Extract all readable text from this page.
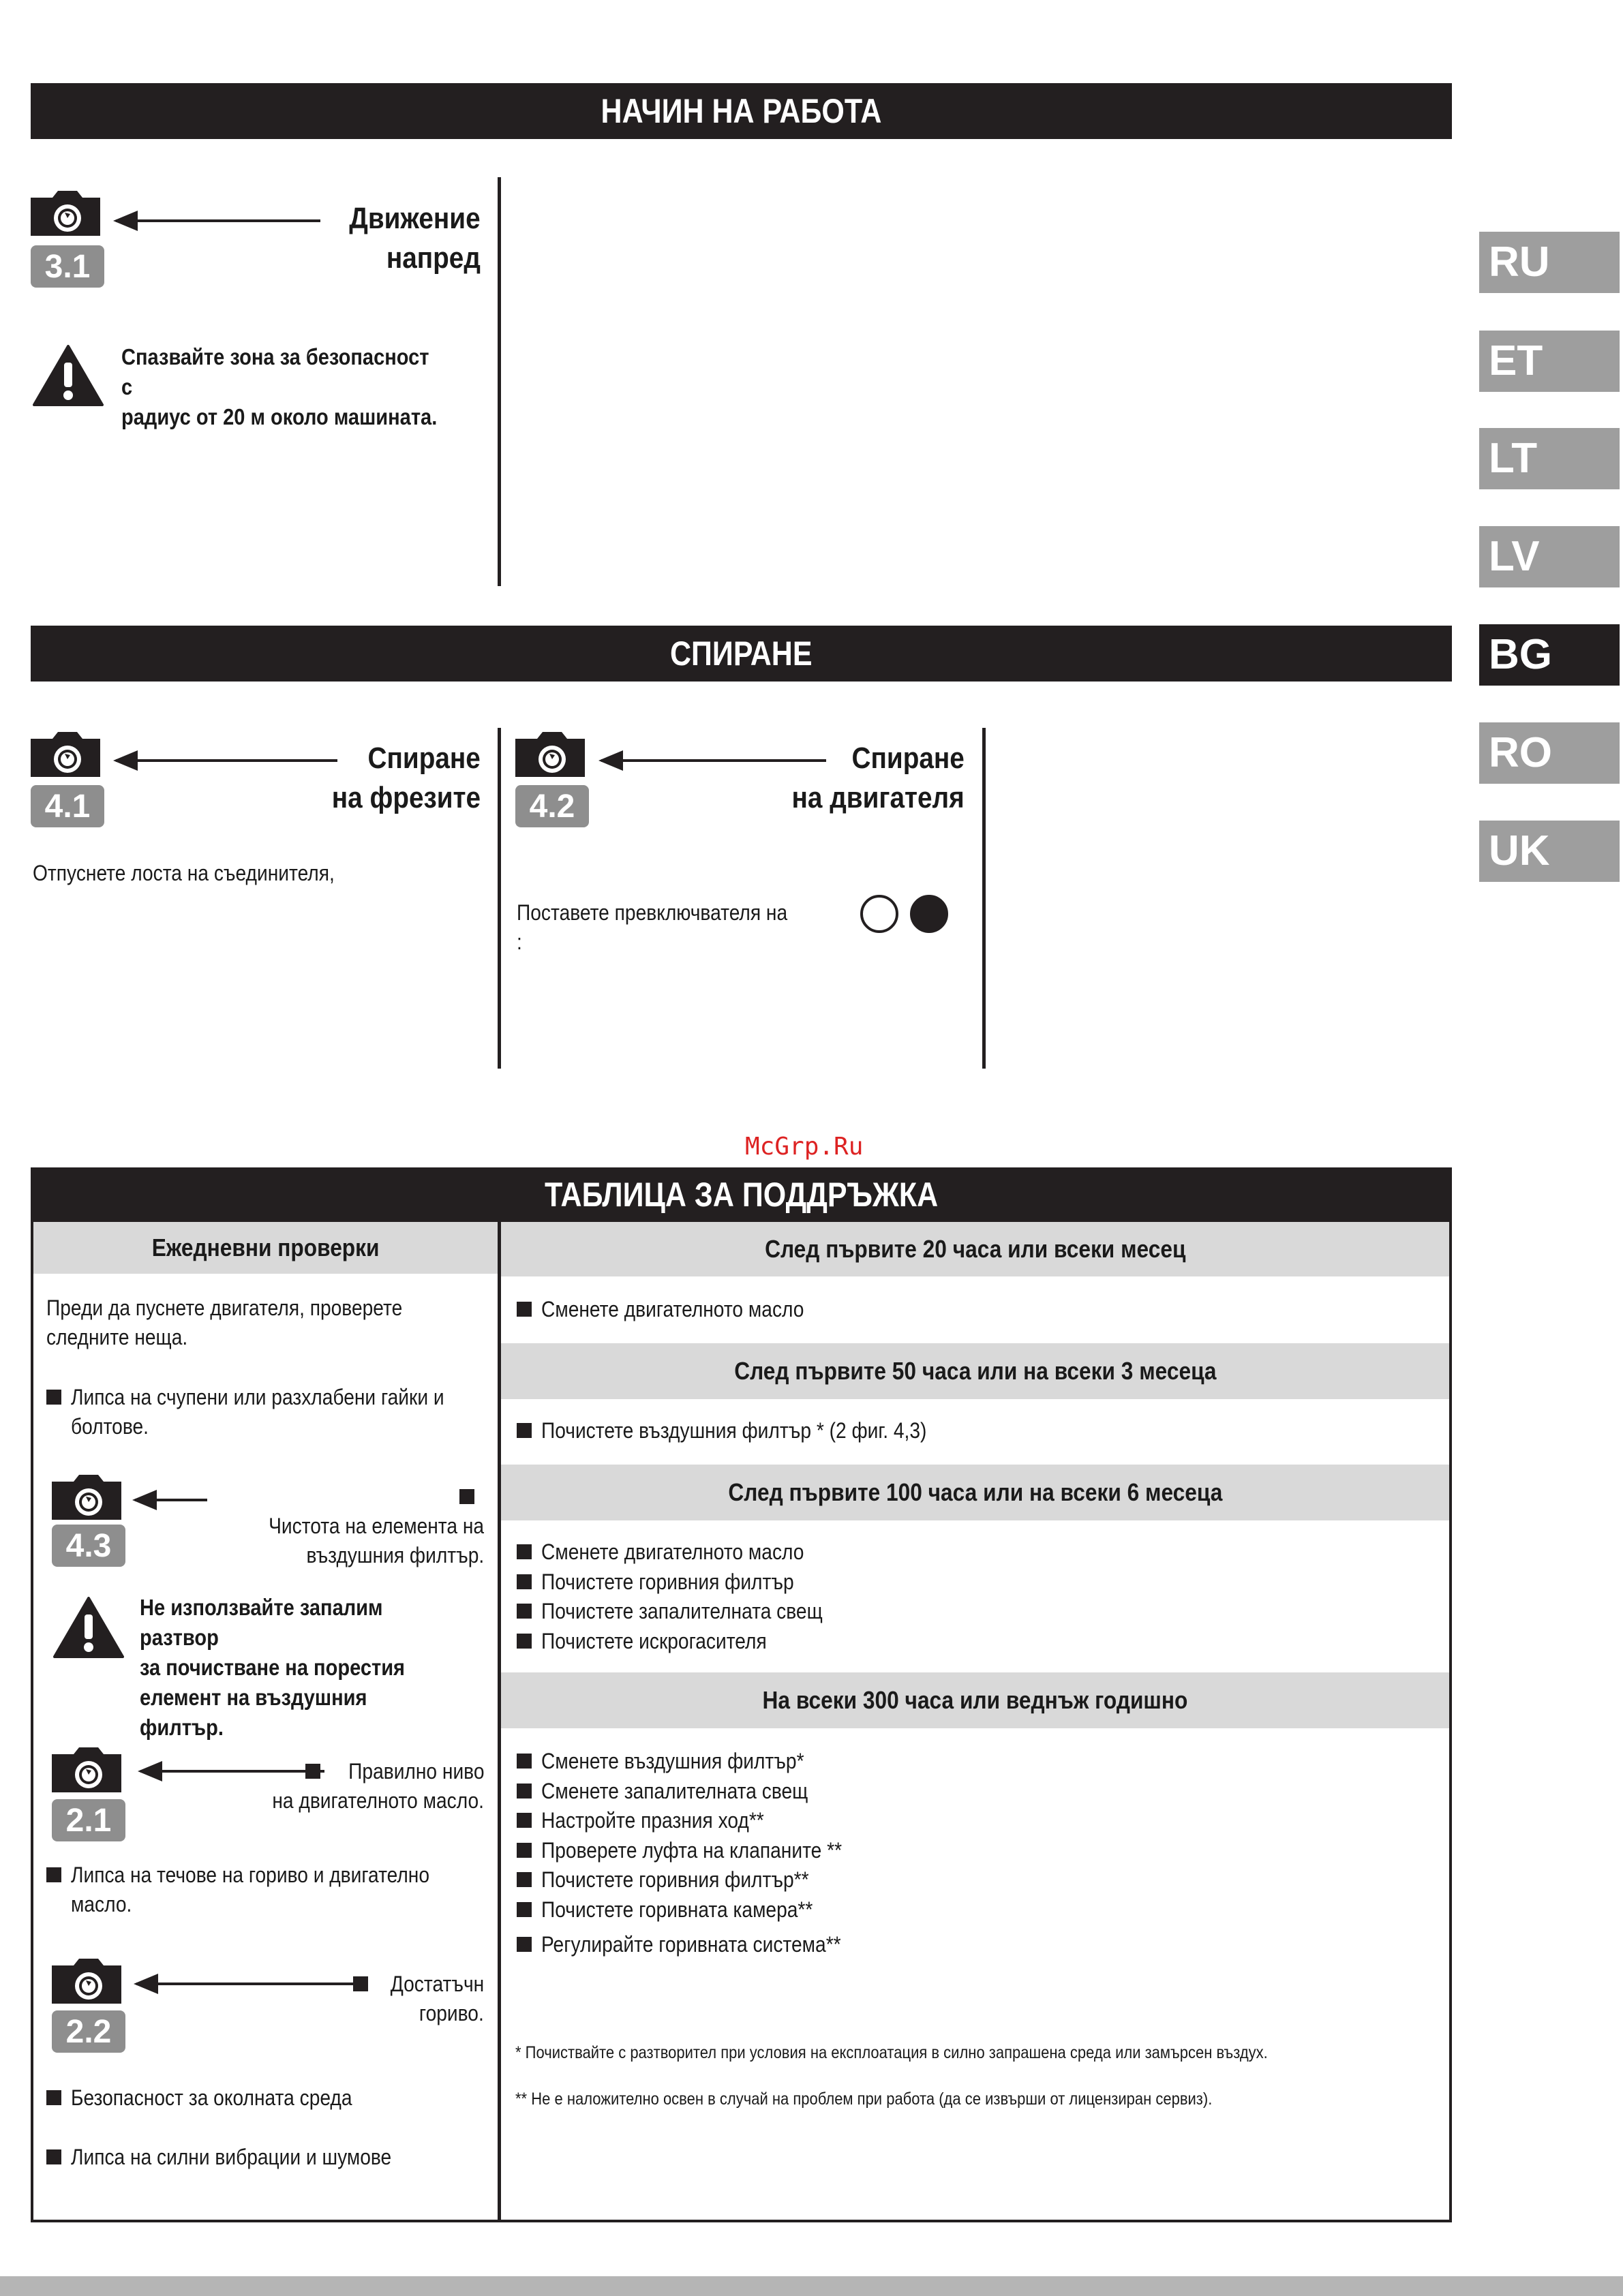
НАЧИН НА РАБОТА
3.1
Движение
напред
Спазвайте зона за безопасност с
радиус от 20 м около машината.
RU
ET
LT
LV
BG
RO
UK
СПИРАНЕ
4.1
Спиране
на фрезите
Отпуснете лоста на съединителя,
4.2
Спиране
на двигателя
Поставете превключвателя на :
McGrp.Ru
ТАБЛИЦА ЗА ПОДДРЪЖКА
Ежедневни проверки	След първите 20 часа или всеки месец
След първите 50 часа или на всеки 3 месеца
След първите 100 часа или на всеки 6 месеца
На всеки 300 часа или веднъж годишно
Сменете двигателното масло
Почистете въздушния филтър * (2 фиг. 4,3)
Сменете двигателното масло
Почистете горивния филтър
Почистете запалителната свещ
Почистете искрогасителя
Сменете въздушния филтър*
Сменете запалителната свещ
Настройте празния ход**
Проверете луфта на клапаните **
Почистете горивния филтър**
Почистете горивната камера**
Регулирайте горивната система**
* Почиствайте с разтворител при условия на експлоатация в силно запрашена среда или замърсен въздух.
** Не е наложително освен в случай на проблем при работа (да се извърши от лицензиран сервиз).
Преди да пуснете двигателя, проверете
следните неща.
Липса на счупени или разхлабени гайки и
болтове.
4.3
Чистота на елемента на
въздушния филтър.
Не използвайте запалим разтвор
за почистване на порестия
елемент на въздушния филтър.
2.1
Правилно ниво
на двигателното масло.
Липса на течове на гориво и двигателно
масло.
2.2
Достатъчн
гориво.
Безопасност за околната среда
Липса на силни вибрации и шумове
